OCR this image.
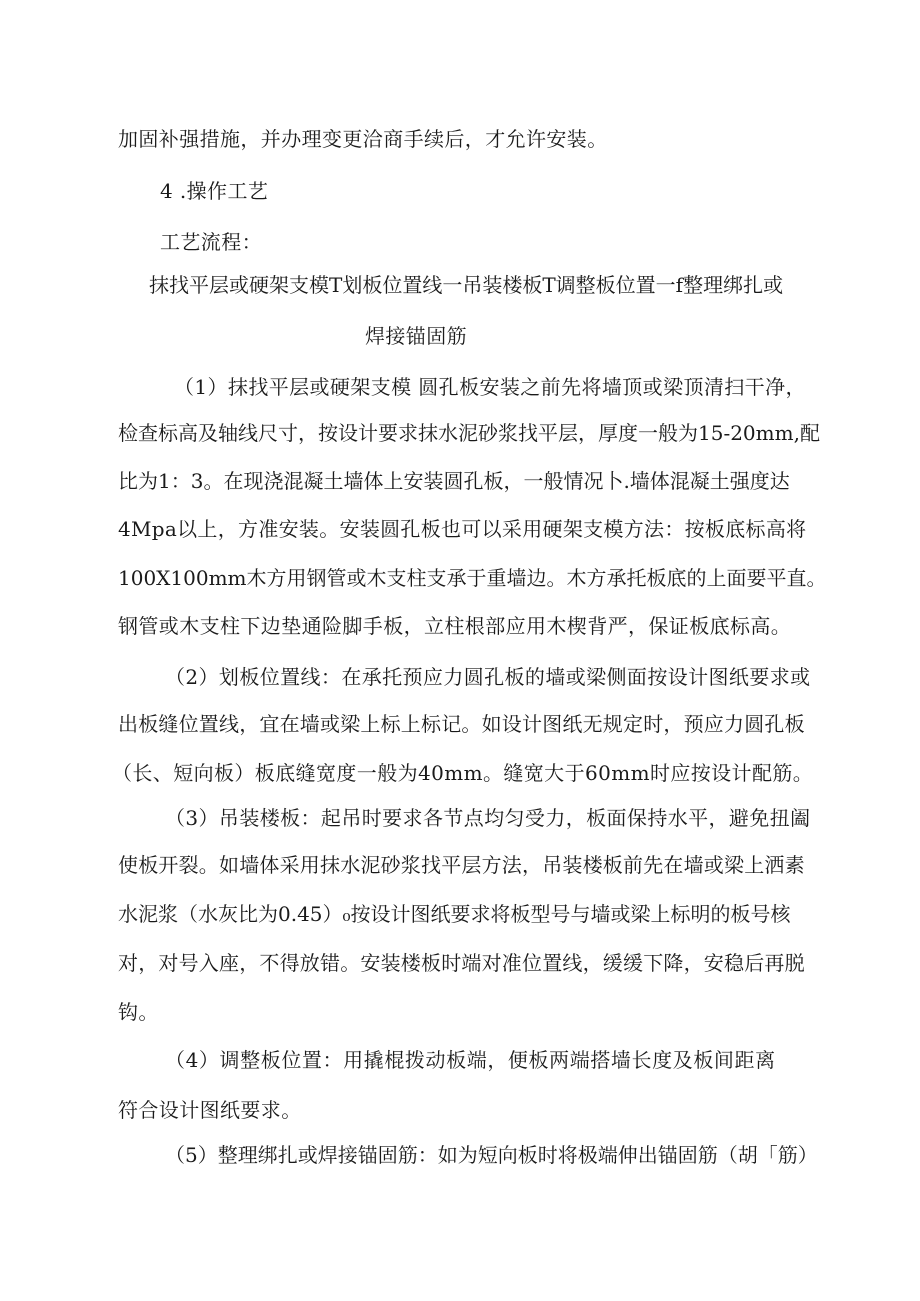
加固补强措施，并办理变更洽商手续后，才允许安装。
4 .操作工艺
工艺流程：
抹找平层或硬架支模T划板位置线一吊装楼板T调整板位置一f整理绑扎或
焊接锚固筋
（1）抹找平层或硬架支模 圆孔板安装之前先将墙顶或梁顶清扫干净，
检查标高及轴线尺寸，按设计要求抹水泥砂浆找平层，厚度一般为15-20mm,配
比为1：3。在现浇混凝土墙体上安装圆孔板，一般情况卜.墙体混凝土强度达
4Mpa以上，方准安装。安装圆孔板也可以采用硬架支模方法：按板底标高将
100X100mm木方用钢管或木支柱支承于重墙边。木方承托板底的上面要平直。
钢管或木支柱下边垫通险脚手板，立柱根部应用木楔背严，保证板底标高。
（2）划板位置线：在承托预应力圆孔板的墙或梁侧面按设计图纸要求或
出板缝位置线，宜在墙或梁上标上标记。如设计图纸无规定时，预应力圆孔板
（长、短向板）板底缝宽度一般为40mm。缝宽大于60mm时应按设计配筋。
（3）吊装楼板：起吊时要求各节点均匀受力，板面保持水平，避免扭阖
使板开裂。如墙体采用抹水泥砂浆找平层方法，吊装楼板前先在墙或梁上洒素
水泥浆（水灰比为0.45）₀按设计图纸要求将板型号与墙或梁上标明的板号核
对，对号入座，不得放错。安装楼板时端对准位置线，缓缓下降，安稳后再脱
钩。
（4）调整板位置：用撬棍拨动板端，便板两端搭墙长度及板间距离
符合设计图纸要求。
（5）整理绑扎或焊接锚固筋：如为短向板时将极端伸出锚固筋（胡「筋）
